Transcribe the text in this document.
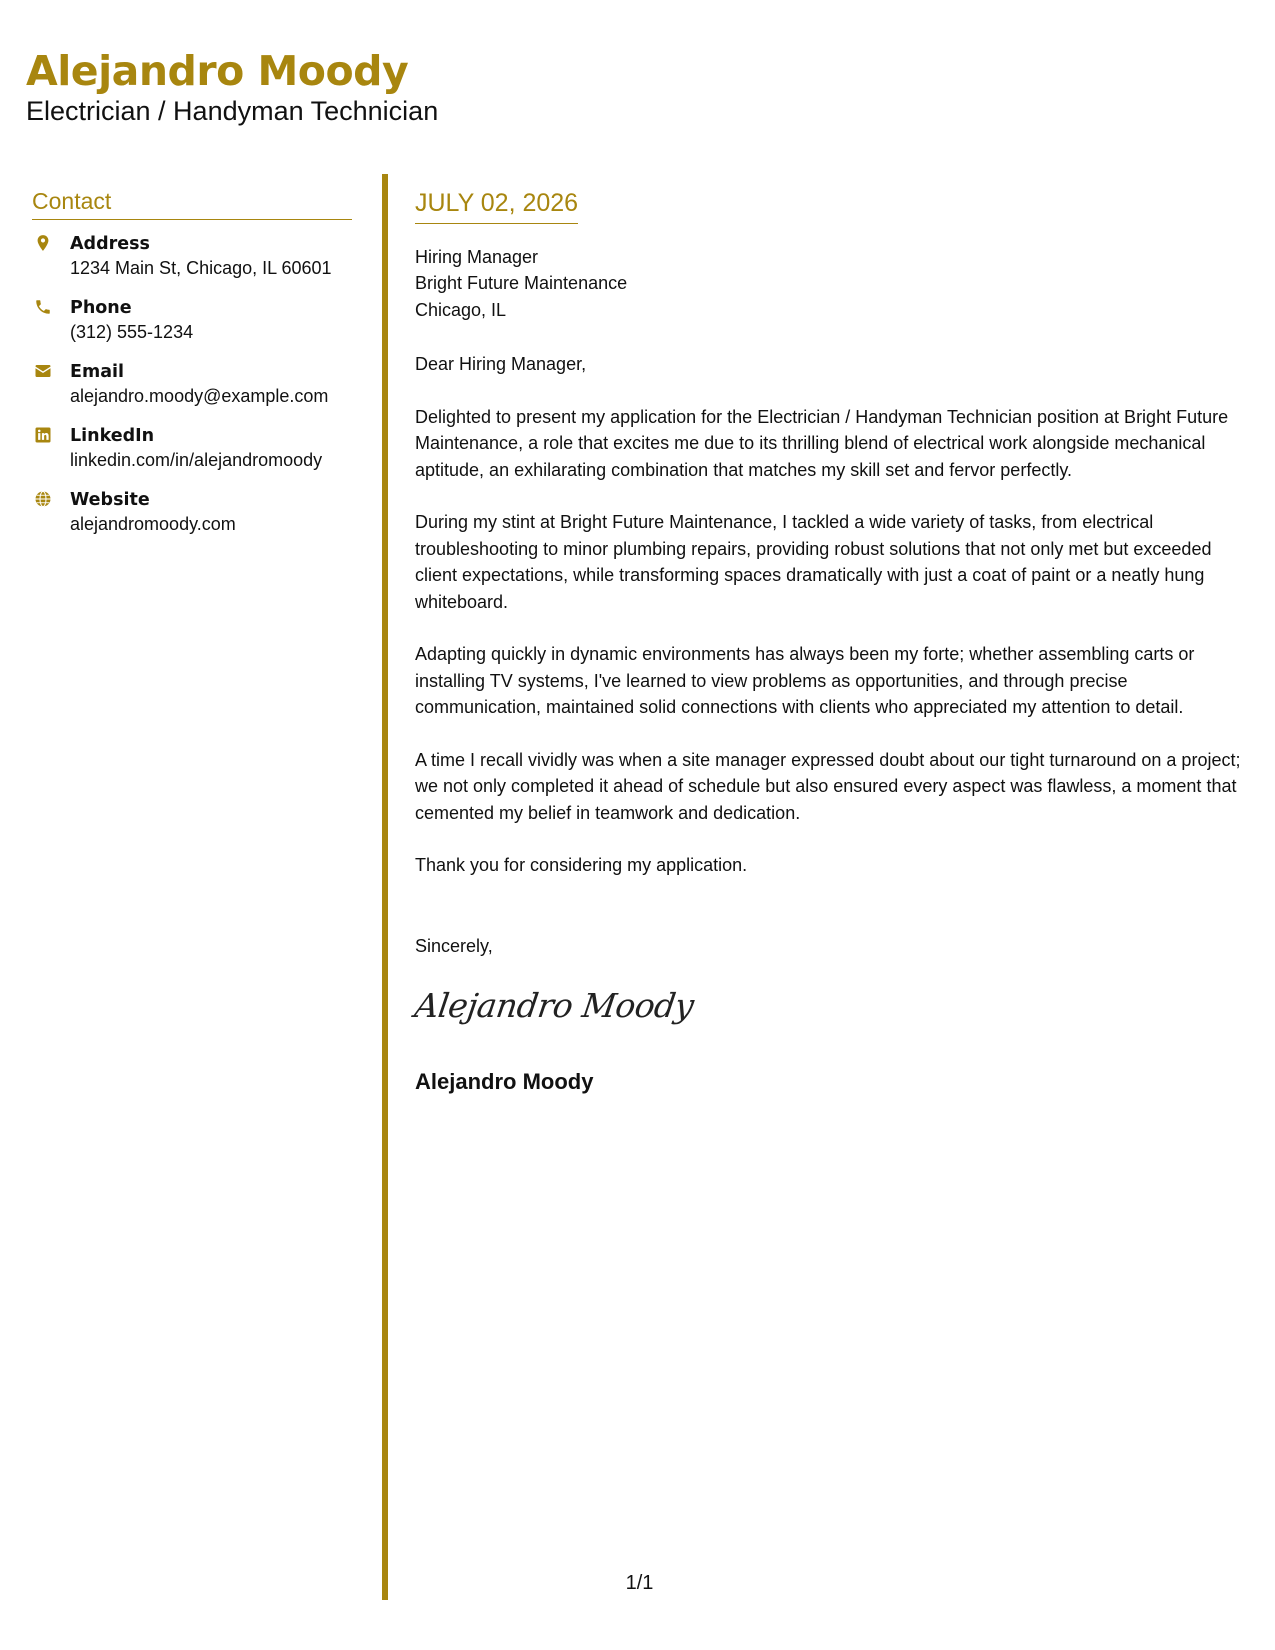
Alejandro Moody
Electrician / Handyman Technician
Contact
Address
1234 Main St, Chicago, IL 60601
Phone
(312) 555-1234
Email
alejandro.moody@example.com
LinkedIn
linkedin.com/in/alejandromoody
Website
alejandromoody.com
JULY 02, 2026
Hiring Manager
Bright Future Maintenance
Chicago, IL
Dear Hiring Manager,
Delighted to present my application for the Electrician / Handyman Technician position at Bright Future Maintenance, a role that excites me due to its thrilling blend of electrical work alongside mechanical aptitude, an exhilarating combination that matches my skill set and fervor perfectly.
During my stint at Bright Future Maintenance, I tackled a wide variety of tasks, from electrical troubleshooting to minor plumbing repairs, providing robust solutions that not only met but exceeded client expectations, while transforming spaces dramatically with just a coat of paint or a neatly hung whiteboard.
Adapting quickly in dynamic environments has always been my forte; whether assembling carts or installing TV systems, I've learned to view problems as opportunities, and through precise communication, maintained solid connections with clients who appreciated my attention to detail.
A time I recall vividly was when a site manager expressed doubt about our tight turnaround on a project; we not only completed it ahead of schedule but also ensured every aspect was flawless, a moment that cemented my belief in teamwork and dedication.
Thank you for considering my application.
Sincerely,
Alejandro Moody
Alejandro Moody
1/1
